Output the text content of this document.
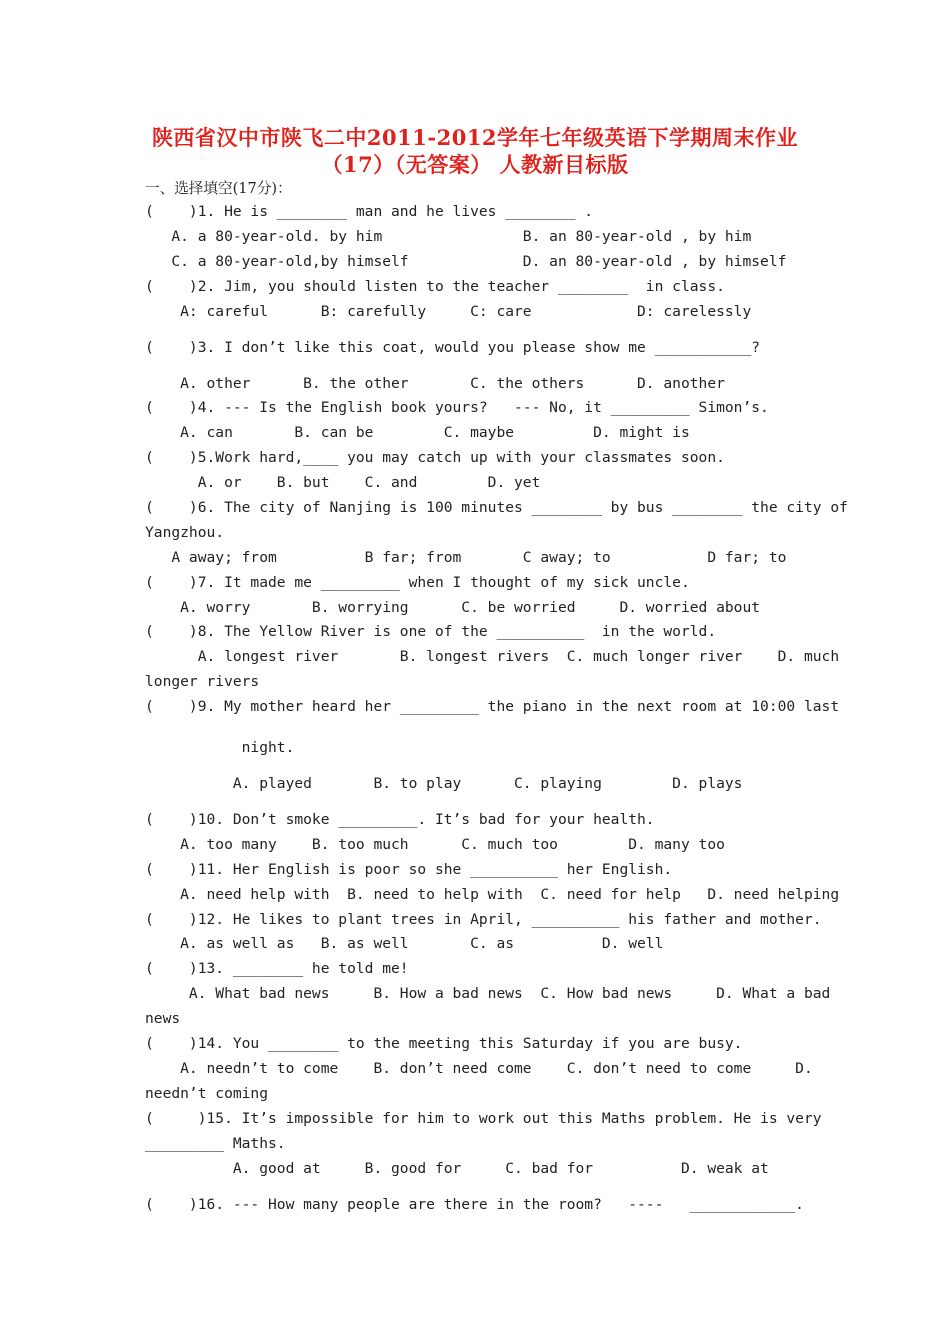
陕西省汉中市陕飞二中2011-2012学年七年级英语下学期周末作业
（17）（无答案） 人教新目标版
一、选择填空(17分)：
(    )1. He is ________ man and he lives ________ .
A. a 80-year-old. by him                B. an 80-year-old , by him
C. a 80-year-old,by himself             D. an 80-year-old , by himself
(    )2. Jim, you should listen to the teacher ________  in class.
A: careful      B: carefully     C: care            D: carelessly
(    )3. I don’t like this coat, would you please show me ___________?
A. other      B. the other       C. the others      D. another
(    )4. --- Is the English book yours?   --- No, it _________ Simon’s.
A. can       B. can be        C. maybe         D. might is
(    )5.Work hard,____ you may catch up with your classmates soon.
A. or    B. but    C. and        D. yet
(    )6. The city of Nanjing is 100 minutes ________ by bus ________ the city of
Yangzhou.
A away; from          B far; from       C away; to           D far; to
(    )7. It made me _________ when I thought of my sick uncle.
A. worry       B. worrying      C. be worried     D. worried about
(    )8. The Yellow River is one of the __________  in the world.
A. longest river       B. longest rivers  C. much longer river    D. much
longer rivers
(    )9. My mother heard her _________ the piano in the next room at 10:00 last
night.
A. played       B. to play      C. playing        D. plays
(    )10. Don’t smoke _________. It’s bad for your health.
A. too many    B. too much      C. much too        D. many too
(    )11. Her English is poor so she __________ her English.
A. need help with  B. need to help with  C. need for help   D. need helping
(    )12. He likes to plant trees in April, __________ his father and mother.
A. as well as   B. as well       C. as          D. well
(    )13. ________ he told me!
A. What bad news     B. How a bad news  C. How bad news     D. What a bad
news
(    )14. You ________ to the meeting this Saturday if you are busy.
A. needn’t to come    B. don’t need come    C. don’t need to come     D.
needn’t coming
(     )15. It’s impossible for him to work out this Maths problem. He is very
_________ Maths.
A. good at     B. good for     C. bad for          D. weak at
(    )16. --- How many people are there in the room?   ----   ____________.
